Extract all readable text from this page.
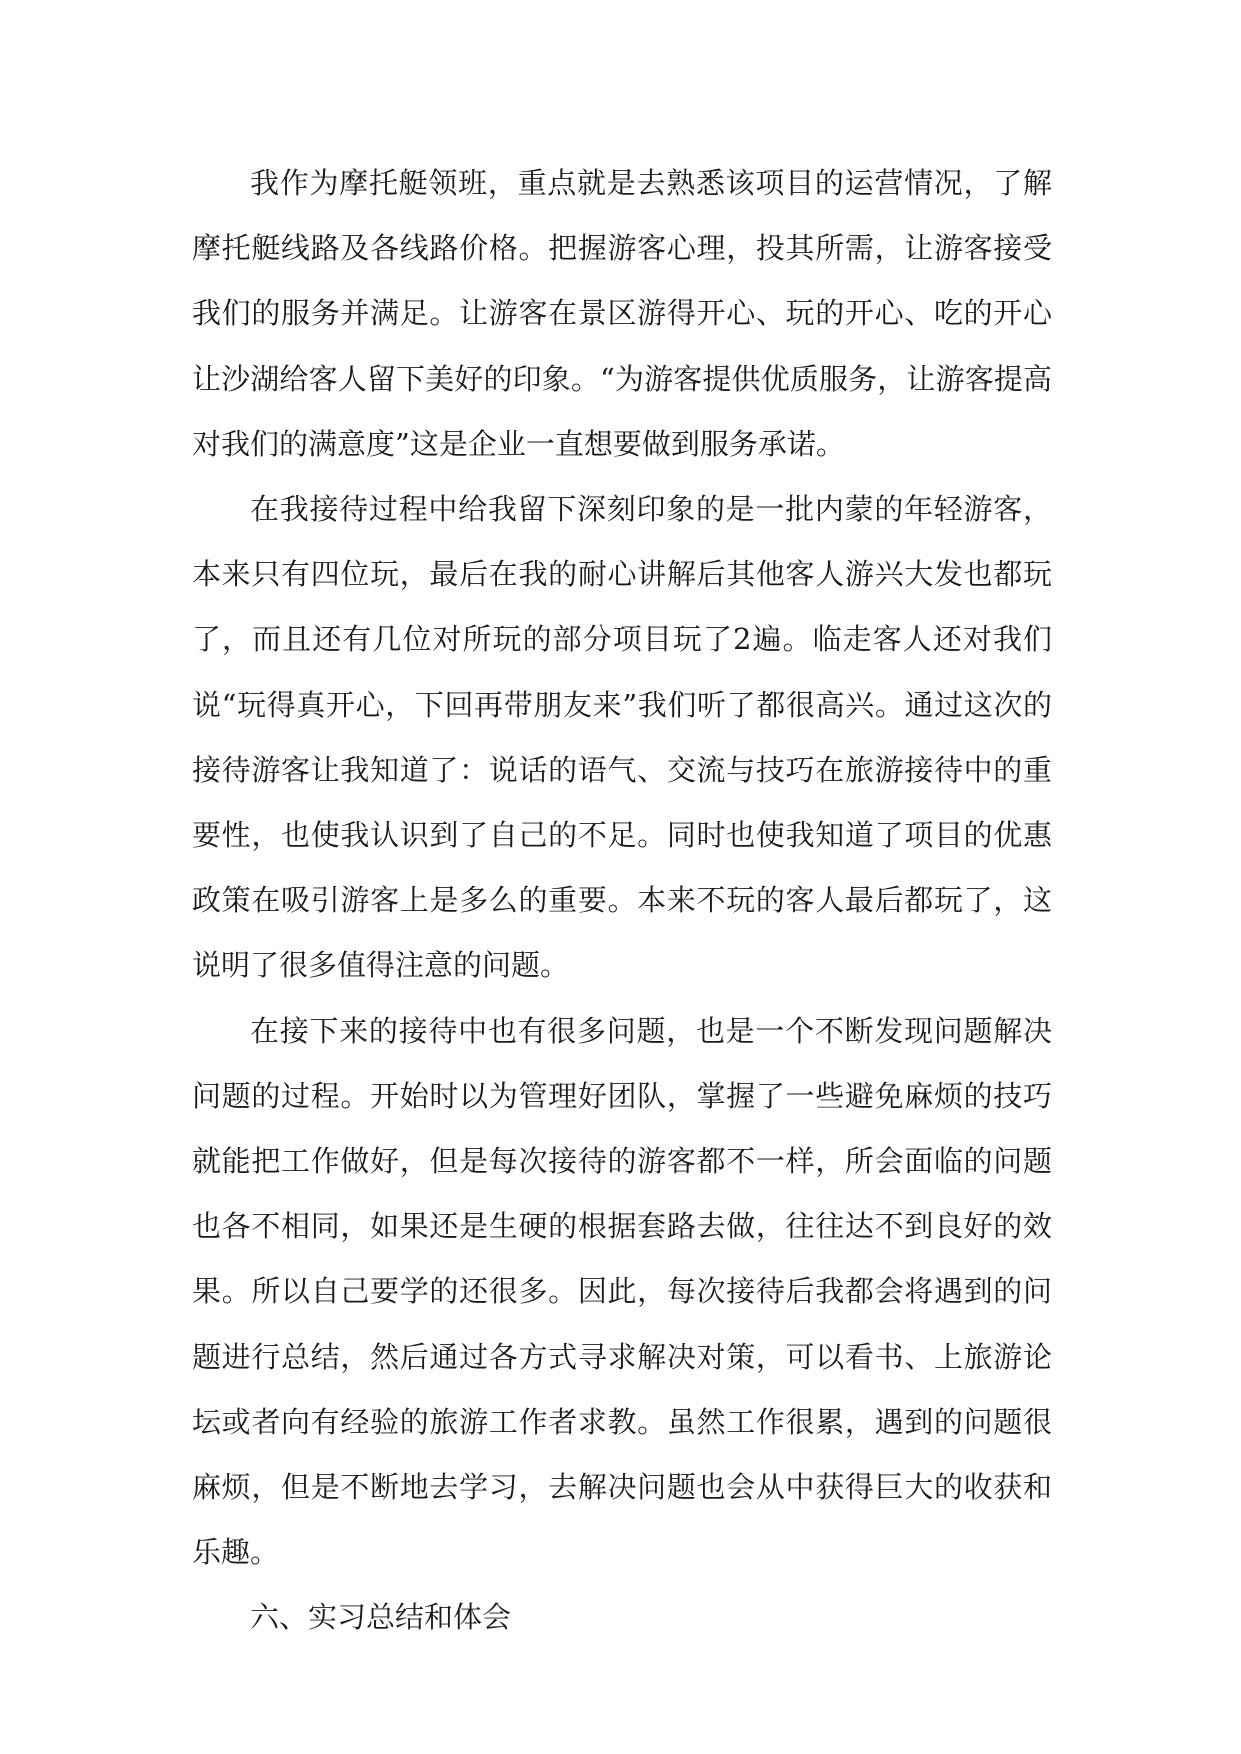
我作为摩托艇领班，重点就是去熟悉该项目的运营情况，了解摩托艇线路及各线路价格。把握游客心理，投其所需，让游客接受我们的服务并满足。让游客在景区游得开心、玩的开心、吃的开心让沙湖给客人留下美好的印象。“为游客提供优质服务，让游客提高对我们的满意度”这是企业一直想要做到服务承诺。

在我接待过程中给我留下深刻印象的是一批内蒙的年轻游客，本来只有四位玩，最后在我的耐心讲解后其他客人游兴大发也都玩了，而且还有几位对所玩的部分项目玩了2遍。临走客人还对我们说“玩得真开心，下回再带朋友来”我们听了都很高兴。通过这次的接待游客让我知道了：说话的语气、交流与技巧在旅游接待中的重要性，也使我认识到了自己的不足。同时也使我知道了项目的优惠政策在吸引游客上是多么的重要。本来不玩的客人最后都玩了，这说明了很多值得注意的问题。

在接下来的接待中也有很多问题，也是一个不断发现问题解决问题的过程。开始时以为管理好团队，掌握了一些避免麻烦的技巧就能把工作做好，但是每次接待的游客都不一样，所会面临的问题也各不相同，如果还是生硬的根据套路去做，往往达不到良好的效果。所以自己要学的还很多。因此，每次接待后我都会将遇到的问题进行总结，然后通过各方式寻求解决对策，可以看书、上旅游论坛或者向有经验的旅游工作者求教。虽然工作很累，遇到的问题很麻烦，但是不断地去学习，去解决问题也会从中获得巨大的收获和乐趣。

六、实习总结和体会
